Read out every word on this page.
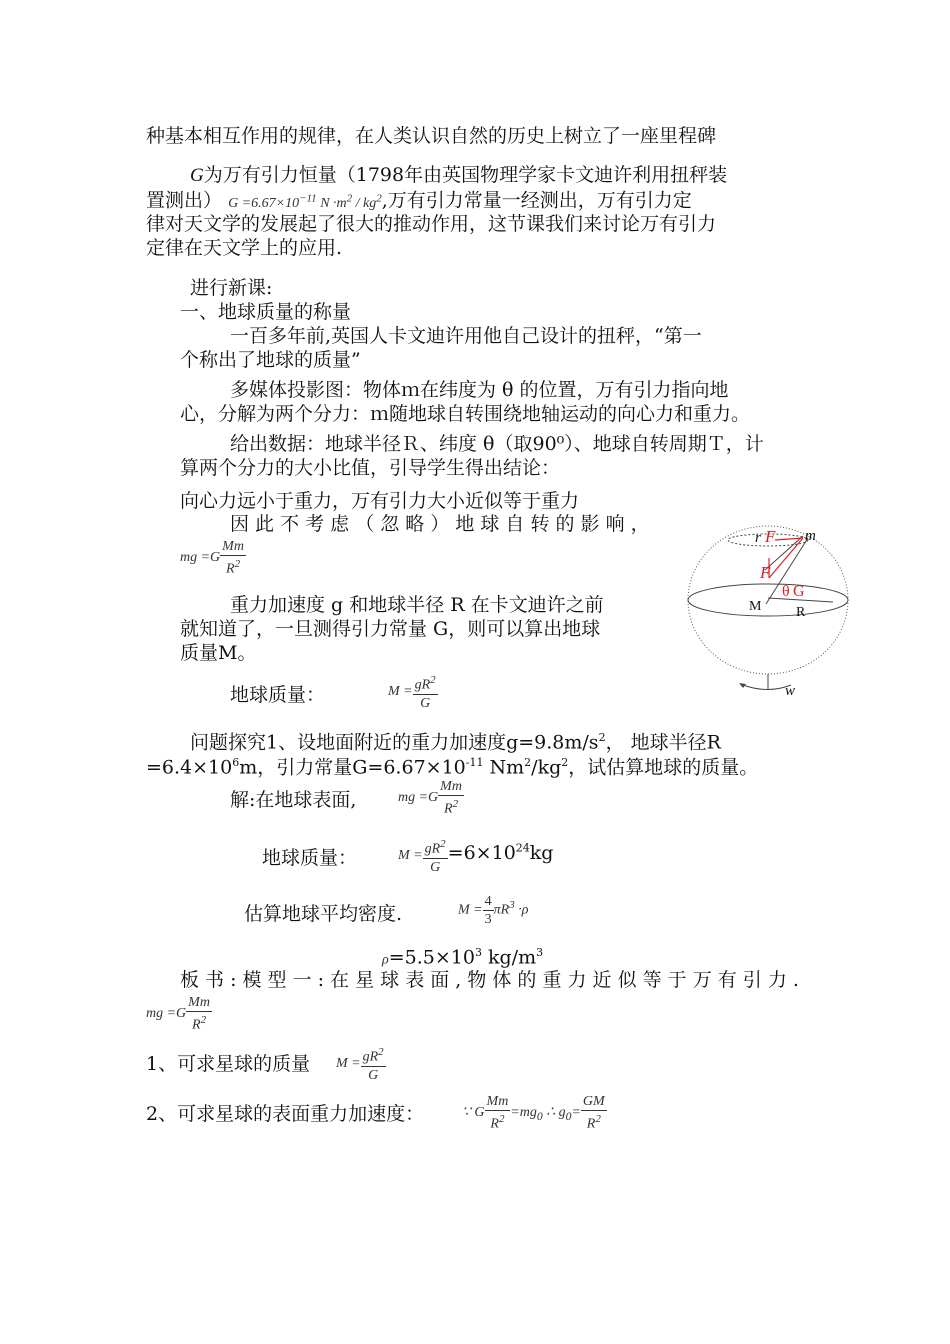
种基本相互作用的规律，在人类认识自然的历史上树立了一座里程碑
G为万有引力恒量（1798年由英国物理学家卡文迪许利用扭秤装
置测出） $G =6.67\times 10^{-11}$ $N \cdot m^2 / kg^2$,万有引力常量一经测出，万有引力定
律对天文学的发展起了很大的推动作用，这节课我们来讨论万有引力
定律在天文学上的应用.
进行新课:
一、地球质量的称量
一百多年前,英国人卡文迪许用他自己设计的扭秤，“第一
个称出了地球的质量”
多媒体投影图：物体ｍ在纬度为 θ 的位置，万有引力指向地
心，分解为两个分力：ｍ随地球自转围绕地轴运动的向心力和重力。
给出数据：地球半径Ｒ、纬度 θ（取90⁰）、地球自转周期Ｔ，计
算两个分力的大小比值，引导学生得出结论：
向心力远小于重力，万有引力大小近似等于重力
因 此 不 考 虑 （ 忽 略 ） 地 球 自 转 的 影 响 ，
mg $=G \frac{Mm}{R^2}$
重力加速度 g 和地球半径 R 在卡文迪许之前
就知道了，一旦测得引力常量 G，则可以算出地球
质量M。
地球质量：	$M = \frac{gR^2}{G}$
r F m
F
θ G
M R
w
问题探究1、设地面附近的重力加速度$g=9.8m/s^2$， 地球半径R
$=6.4\times 10^6m$，引力常量$G=6.67\times 10^{-11}$ $Nm^2/kg^2$，试估算地球的质量。
解:在地球表面,	mg $=G \frac{Mm}{R^2}$
地球质量：	$M = \frac{gR^2}{G} =6\times 10^{24}kg$
估算地球平均密度.	$M = \frac{4}{3} \pi R^3 \cdot\rho$
$\rho=5.5\times 10^3$ $kg/m^3$
板 书 : 模 型 一 : 在 星 球 表 面 , 物 体 的 重 力 近 似 等 于 万 有 引 力 .
mg $=G \frac{Mm}{R^2}$
1、可求星球的质量 $M = \frac{gR^2}{G}$
2、可求星球的表面重力加速度：	∵ G $\frac{Mm}{R^2} =mg_0$ ∴ $g_0= \frac{GM}{R^2}$
